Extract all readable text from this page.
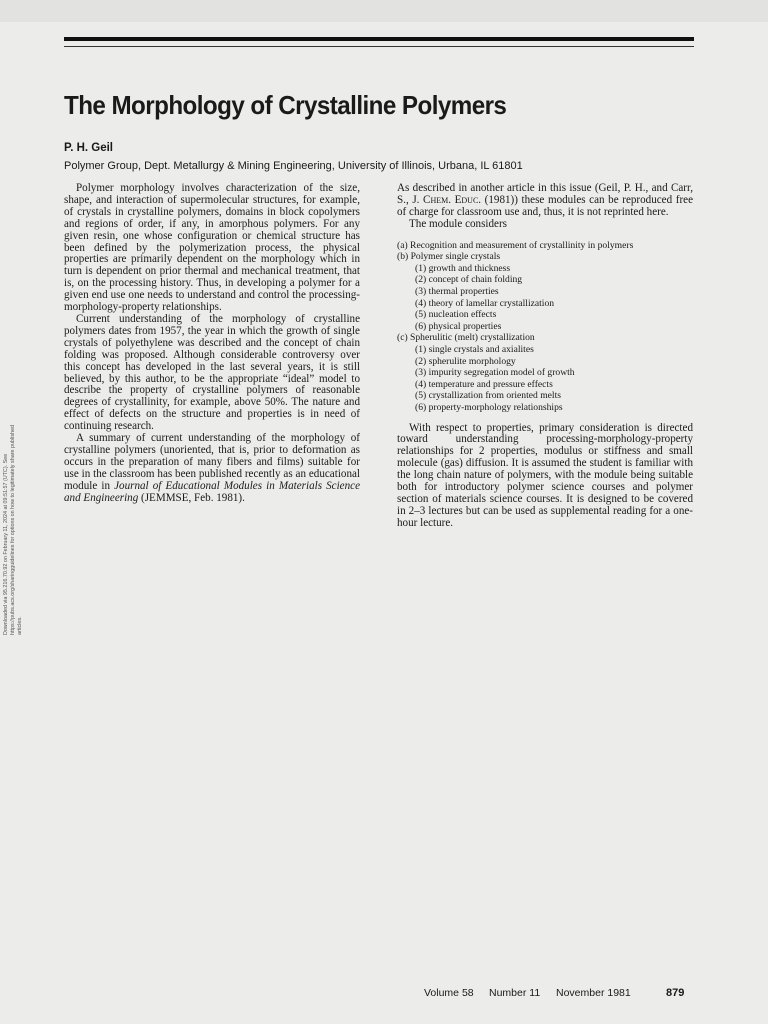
The Morphology of Crystalline Polymers
P. H. Geil
Polymer Group, Dept. Metallurgy & Mining Engineering, University of Illinois, Urbana, IL 61801
Downloaded via 95.216.70.92 on February 11, 2024 at 09:51:57 (UTC). See https://pubs.acs.org/sharingguidelines for options on how to legitimately share published articles.

Polymer morphology involves characterization of the size, shape, and interaction of supermolecular structures, for example, of crystals in crystalline polymers, domains in block copolymers and regions of order, if any, in amorphous polymers. For any given resin, one whose configuration or chemical structure has been defined by the polymerization process, the physical properties are primarily dependent on the morphology which in turn is dependent on prior thermal and mechanical treatment, that is, on the processing history. Thus, in developing a polymer for a given end use one needs to understand and control the processing-morphology-property relationships.

Current understanding of the morphology of crystalline polymers dates from 1957, the year in which the growth of single crystals of polyethylene was described and the concept of chain folding was proposed. Although considerable controversy over this concept has developed in the last several years, it is still believed, by this author, to be the appropriate “ideal” model to describe the property of crystalline polymers of reasonable degrees of crystallinity, for example, above 50%. The nature and effect of defects on the structure and properties is in need of continuing research.

A summary of current understanding of the morphology of crystalline polymers (unoriented, that is, prior to deformation as occurs in the preparation of many fibers and films) suitable for use in the classroom has been published recently as an educational module in Journal of Educational Modules in Materials Science and Engineering (JEMMSE, Feb. 1981).

As described in another article in this issue (Geil, P. H., and Carr, S., J. Chem. Educ. (1981)) these modules can be reproduced free of charge for classroom use and, thus, it is not reprinted here.

The module considers

(a) Recognition and measurement of crystallinity in polymers
(b) Polymer single crystals
(1) growth and thickness
(2) concept of chain folding
(3) thermal properties
(4) theory of lamellar crystallization
(5) nucleation effects
(6) physical properties
(c) Spherulitic (melt) crystallization
(1) single crystals and axialites
(2) spherulite morphology
(3) impurity segregation model of growth
(4) temperature and pressure effects
(5) crystallization from oriented melts
(6) property-morphology relationships

With respect to properties, primary consideration is directed toward understanding processing-morphology-property relationships for 2 properties, modulus or stiffness and small molecule (gas) diffusion. It is assumed the student is familiar with the long chain nature of polymers, with the module being suitable both for introductory polymer science courses and polymer section of materials science courses. It is designed to be covered in 2–3 lectures but can be used as supplemental reading for a one-hour lecture.

Volume 58 Number 11 November 1981	879
